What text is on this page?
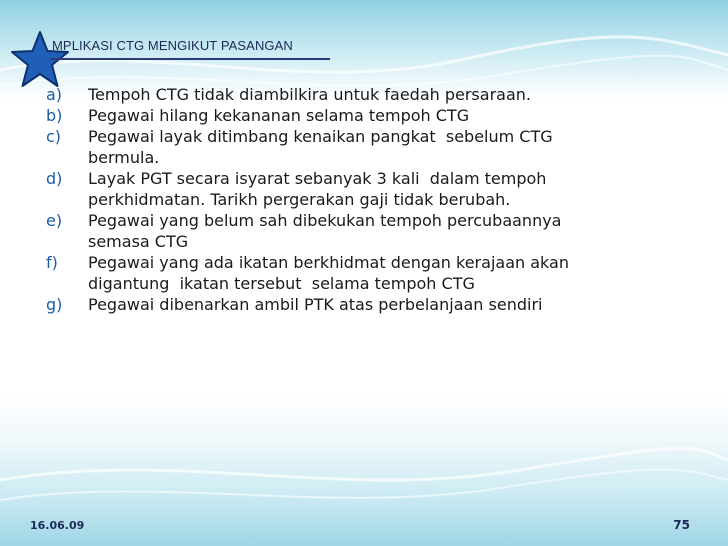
MPLIKASI CTG MENGIKUT PASANGAN
a)	Tempoh CTG tidak diambilkira untuk faedah persaraan.
b)	Pegawai hilang kekananan selama tempoh CTG
c)	Pegawai layak ditimbang kenaikan pangkat  sebelum CTG bermula.
d)	Layak PGT secara isyarat sebanyak 3 kali  dalam tempoh perkhidmatan. Tarikh pergerakan gaji tidak berubah.
e)	Pegawai yang belum sah dibekukan tempoh percubaannya semasa CTG
f)	Pegawai yang ada ikatan berkhidmat dengan kerajaan akan digantung  ikatan tersebut  selama tempoh CTG
g)	Pegawai dibenarkan ambil PTK atas perbelanjaan sendiri
16.06.09	75
